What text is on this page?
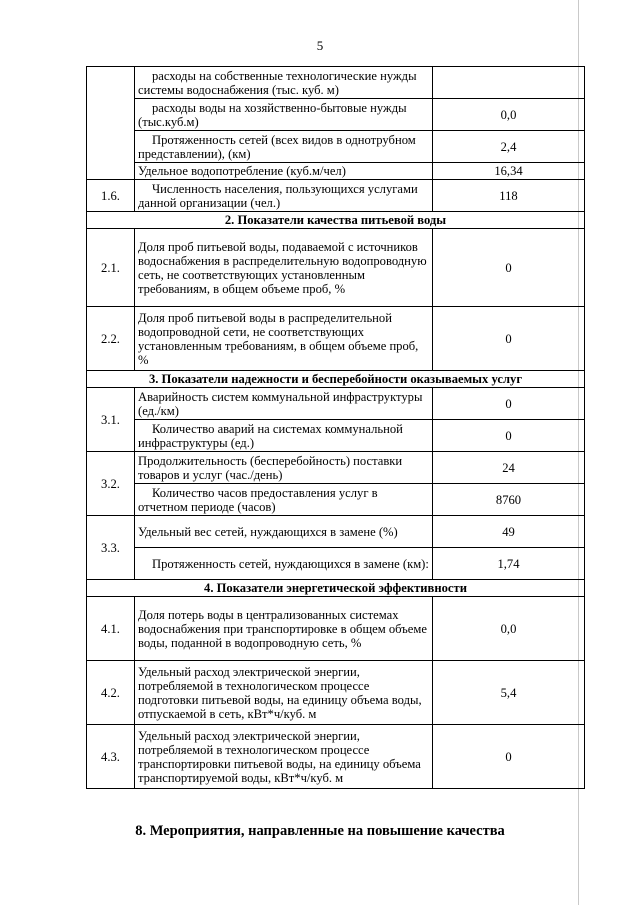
5
	расходы на собственные технологические нужды системы водоснабжения (тыс. куб. м)	
	расходы воды на хозяйственно-бытовые нужды (тыс.куб.м)	0,0
	Протяженность сетей (всех видов в однотрубном представлении), (км)	2,4
	Удельное водопотребление (куб.м/чел)	16,34
1.6.	Численность населения, пользующихся услугами данной организации (чел.)	118
2. Показатели качества питьевой воды		
2.1.	Доля проб питьевой воды, подаваемой с источников водоснабжения в распределительную водопроводную сеть, не соответствующих установленным требованиям, в общем объеме проб, %	0
2.2.	Доля проб питьевой воды в распределительной водопроводной сети, не соответствующих установленным требованиям, в общем объеме проб, %	0
3. Показатели надежности и бесперебойности оказываемых услуг		
3.1.	Аварийность систем коммунальной инфраструктуры (ед./км)	0
	Количество аварий на системах коммунальной инфраструктуры (ед.)	0
3.2.	Продолжительность (бесперебойность) поставки товаров и услуг (час./день)	24
	Количество часов предоставления услуг в отчетном периоде (часов)	8760
3.3.	Удельный вес сетей, нуждающихся в замене (%)	49
	Протяженность сетей, нуждающихся в замене (км):	1,74
4. Показатели энергетической эффективности		
4.1.	Доля потерь воды в централизованных системах водоснабжения при транспортировке в общем объеме воды, поданной в водопроводную сеть, %	0,0
4.2.	Удельный расход электрической энергии, потребляемой в технологическом процессе подготовки питьевой воды, на единицу объема воды, отпускаемой в сеть, кВт*ч/куб. м	5,4
4.3.	Удельный расход электрической энергии, потребляемой в технологическом процессе транспортировки питьевой воды, на единицу объема транспортируемой воды, кВт*ч/куб. м	0
8. Мероприятия, направленные на повышение качества
